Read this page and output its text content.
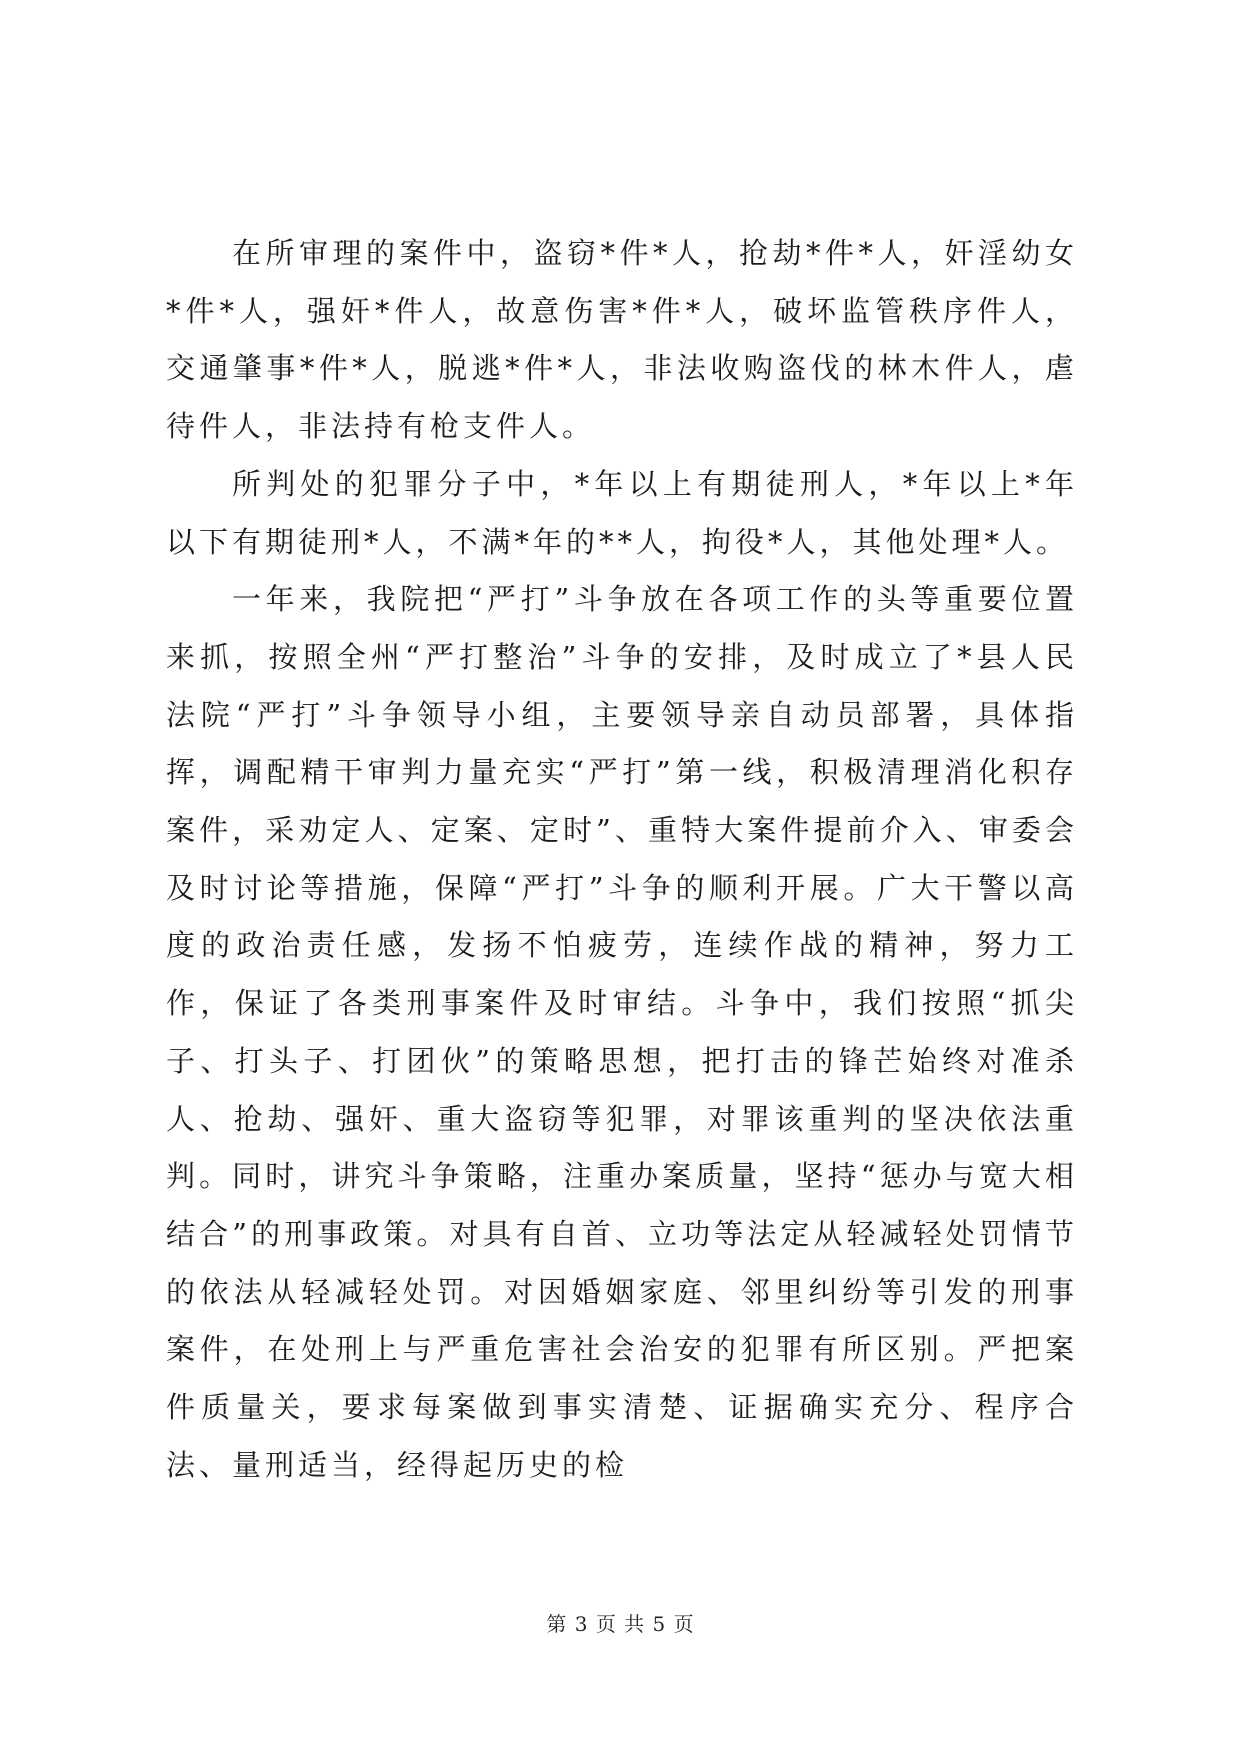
在所审理的案件中，盗窃*件*人，抢劫*件*人，奸淫幼女*件*人，强奸*件人，故意伤害*件*人，破坏监管秩序件人，交通肇事*件*人，脱逃*件*人，非法收购盗伐的林木件人，虐待件人，非法持有枪支件人。

所判处的犯罪分子中，*年以上有期徒刑人，*年以上*年以下有期徒刑*人，不满*年的**人，拘役*人，其他处理*人。

一年来，我院把“严打”斗争放在各项工作的头等重要位置来抓，按照全州“严打整治”斗争的安排，及时成立了*县人民法院“严打”斗争领导小组，主要领导亲自动员部署，具体指挥，调配精干审判力量充实“严打”第一线，积极清理消化积存案件，采劝定人、定案、定时”、重特大案件提前介入、审委会及时讨论等措施，保障“严打”斗争的顺利开展。广大干警以高度的政治责任感，发扬不怕疲劳，连续作战的精神，努力工作，保证了各类刑事案件及时审结。斗争中，我们按照“抓尖子、打头子、打团伙”的策略思想，把打击的锋芒始终对准杀人、抢劫、强奸、重大盗窃等犯罪，对罪该重判的坚决依法重判。同时，讲究斗争策略，注重办案质量，坚持“惩办与宽大相结合”的刑事政策。对具有自首、立功等法定从轻减轻处罚情节的依法从轻减轻处罚。对因婚姻家庭、邻里纠纷等引发的刑事案件，在处刑上与严重危害社会治安的犯罪有所区别。严把案件质量关，要求每案做到事实清楚、证据确实充分、程序合法、量刑适当，经得起历史的检

第 3 页 共 5 页
